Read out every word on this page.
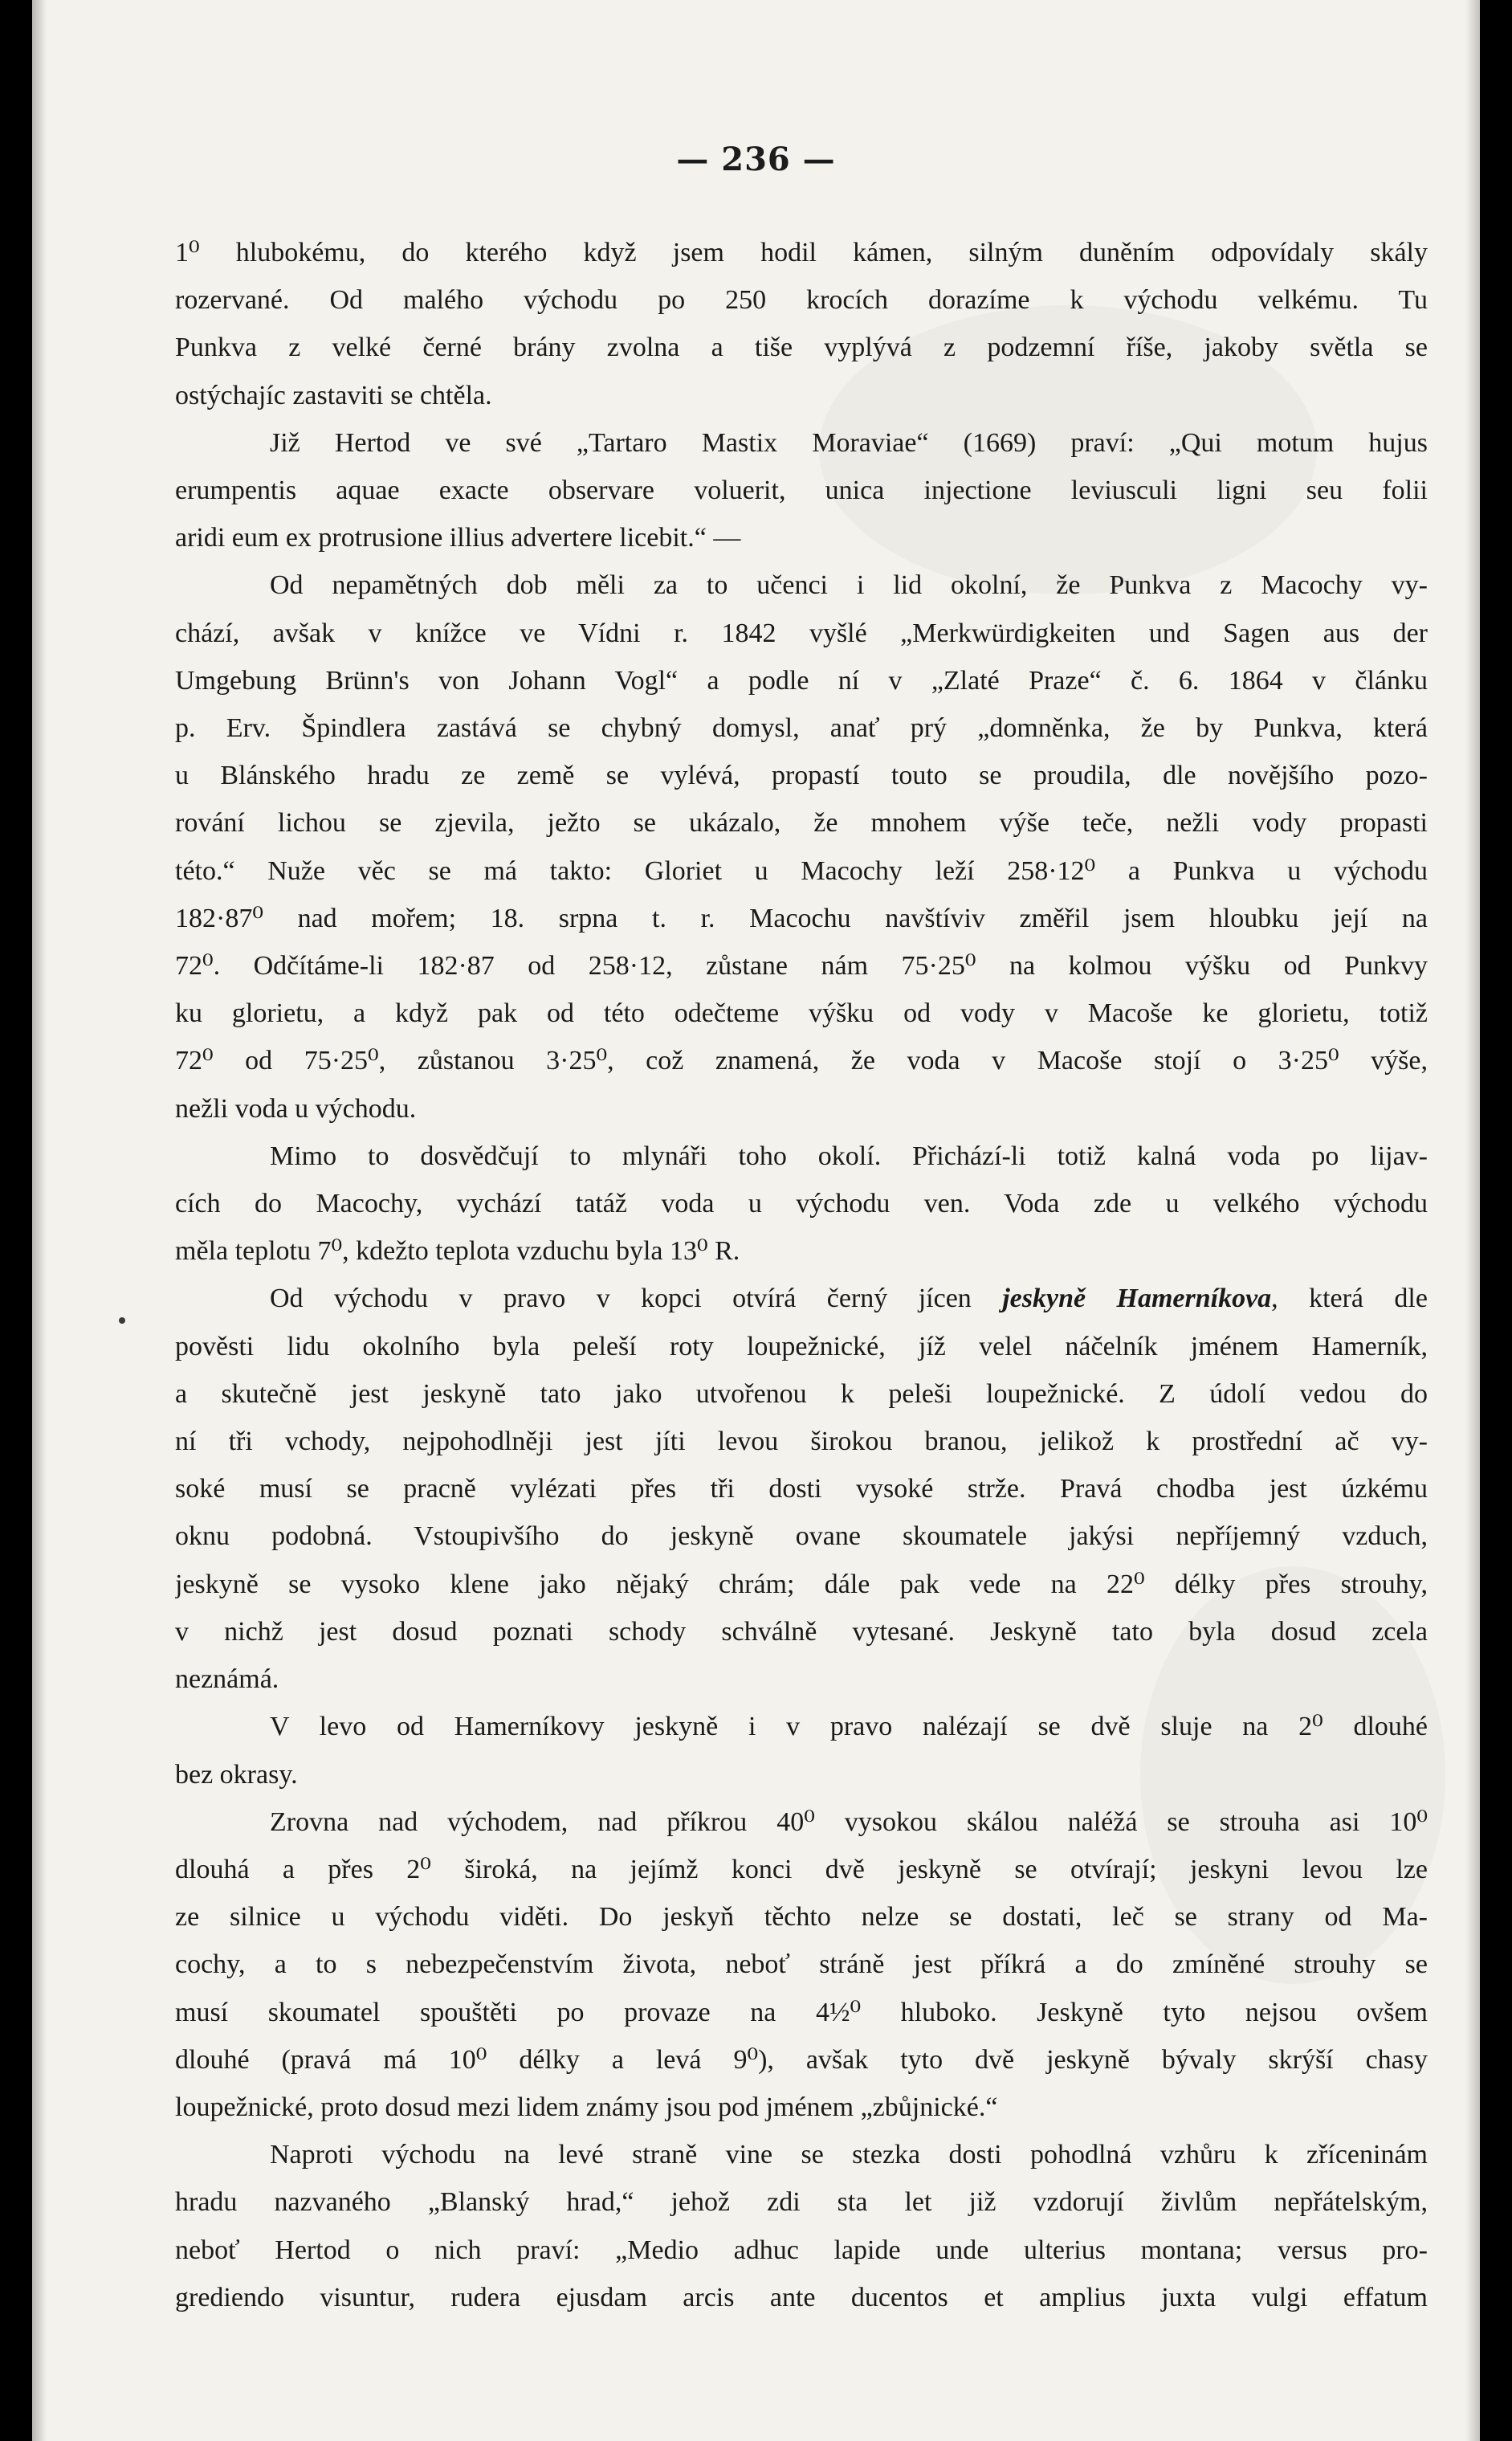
— 236 —
1⁰ hlubokému, do kterého když jsem hodil kámen, silným duněním odpovídaly skály
rozervané. Od malého východu po 250 krocích dorazíme k východu velkému. Tu
Punkva z velké černé brány zvolna a tiše vyplývá z podzemní říše, jakoby světla se
ostýchajíc zastaviti se chtěla.
Již Hertod ve své „Tartaro Mastix Moraviae“ (1669) praví: „Qui motum hujus
erumpentis aquae exacte observare voluerit, unica injectione leviusculi ligni seu folii
aridi eum ex protrusione illius advertere licebit.“ —
Od nepamětných dob měli za to učenci i lid okolní, že Punkva z Macochy vy-
chází, avšak v knížce ve Vídni r. 1842 vyšlé „Merkwürdigkeiten und Sagen aus der
Umgebung Brünn's von Johann Vogl“ a podle ní v „Zlaté Praze“ č. 6. 1864 v článku
p. Erv. Špindlera zastává se chybný domysl, anať prý „domněnka, že by Punkva, která
u Blánského hradu ze země se vylévá, propastí touto se proudila, dle novějšího pozo-
rování lichou se zjevila, ježto se ukázalo, že mnohem výše teče, nežli vody propasti
této.“ Nuže věc se má takto: Gloriet u Macochy leží 258·12⁰ a Punkva u východu
182·87⁰ nad mořem; 18. srpna t. r. Macochu navštíviv změřil jsem hloubku její na
72⁰. Odčítáme-li 182·87 od 258·12, zůstane nám 75·25⁰ na kolmou výšku od Punkvy
ku glorietu, a když pak od této odečteme výšku od vody v Macoše ke glorietu, totiž
72⁰ od 75·25⁰, zůstanou 3·25⁰, což znamená, že voda v Macoše stojí o 3·25⁰ výše,
nežli voda u východu.
Mimo to dosvědčují to mlynáři toho okolí. Přichází-li totiž kalná voda po lijav-
cích do Macochy, vychází tatáž voda u východu ven. Voda zde u velkého východu
měla teplotu 7⁰, kdežto teplota vzduchu byla 13⁰ R.
Od východu v pravo v kopci otvírá černý jícen jeskyně Hamerníkova, která dle
pověsti lidu okolního byla peleší roty loupežnické, jíž velel náčelník jménem Hamerník,
a skutečně jest jeskyně tato jako utvořenou k peleši loupežnické. Z údolí vedou do
ní tři vchody, nejpohodlněji jest jíti levou širokou branou, jelikož k prostřední ač vy-
soké musí se pracně vylézati přes tři dosti vysoké strže. Pravá chodba jest úzkému
oknu podobná. Vstoupivšího do jeskyně ovane skoumatele jakýsi nepříjemný vzduch,
jeskyně se vysoko klene jako nějaký chrám; dále pak vede na 22⁰ délky přes strouhy,
v nichž jest dosud poznati schody schválně vytesané. Jeskyně tato byla dosud zcela
neznámá.
V levo od Hamerníkovy jeskyně i v pravo nalézají se dvě sluje na 2⁰ dlouhé
bez okrasy.
Zrovna nad východem, nad příkrou 40⁰ vysokou skálou naléžá se strouha asi 10⁰
dlouhá a přes 2⁰ široká, na jejímž konci dvě jeskyně se otvírají; jeskyni levou lze
ze silnice u východu viděti. Do jeskyň těchto nelze se dostati, leč se strany od Ma-
cochy, a to s nebezpečenstvím života, neboť stráně jest příkrá a do zmíněné strouhy se
musí skoumatel spouštěti po provaze na 4½⁰ hluboko. Jeskyně tyto nejsou ovšem
dlouhé (pravá má 10⁰ délky a levá 9⁰), avšak tyto dvě jeskyně bývaly skrýší chasy
loupežnické, proto dosud mezi lidem známy jsou pod jménem „zbůjnické.“
Naproti východu na levé straně vine se stezka dosti pohodlná vzhůru k zříceninám
hradu nazvaného „Blanský hrad,“ jehož zdi sta let již vzdorují živlům nepřátelským,
neboť Hertod o nich praví: „Medio adhuc lapide unde ulterius montana; versus pro-
grediendo visuntur, rudera ejusdam arcis ante ducentos et amplius juxta vulgi effatum
